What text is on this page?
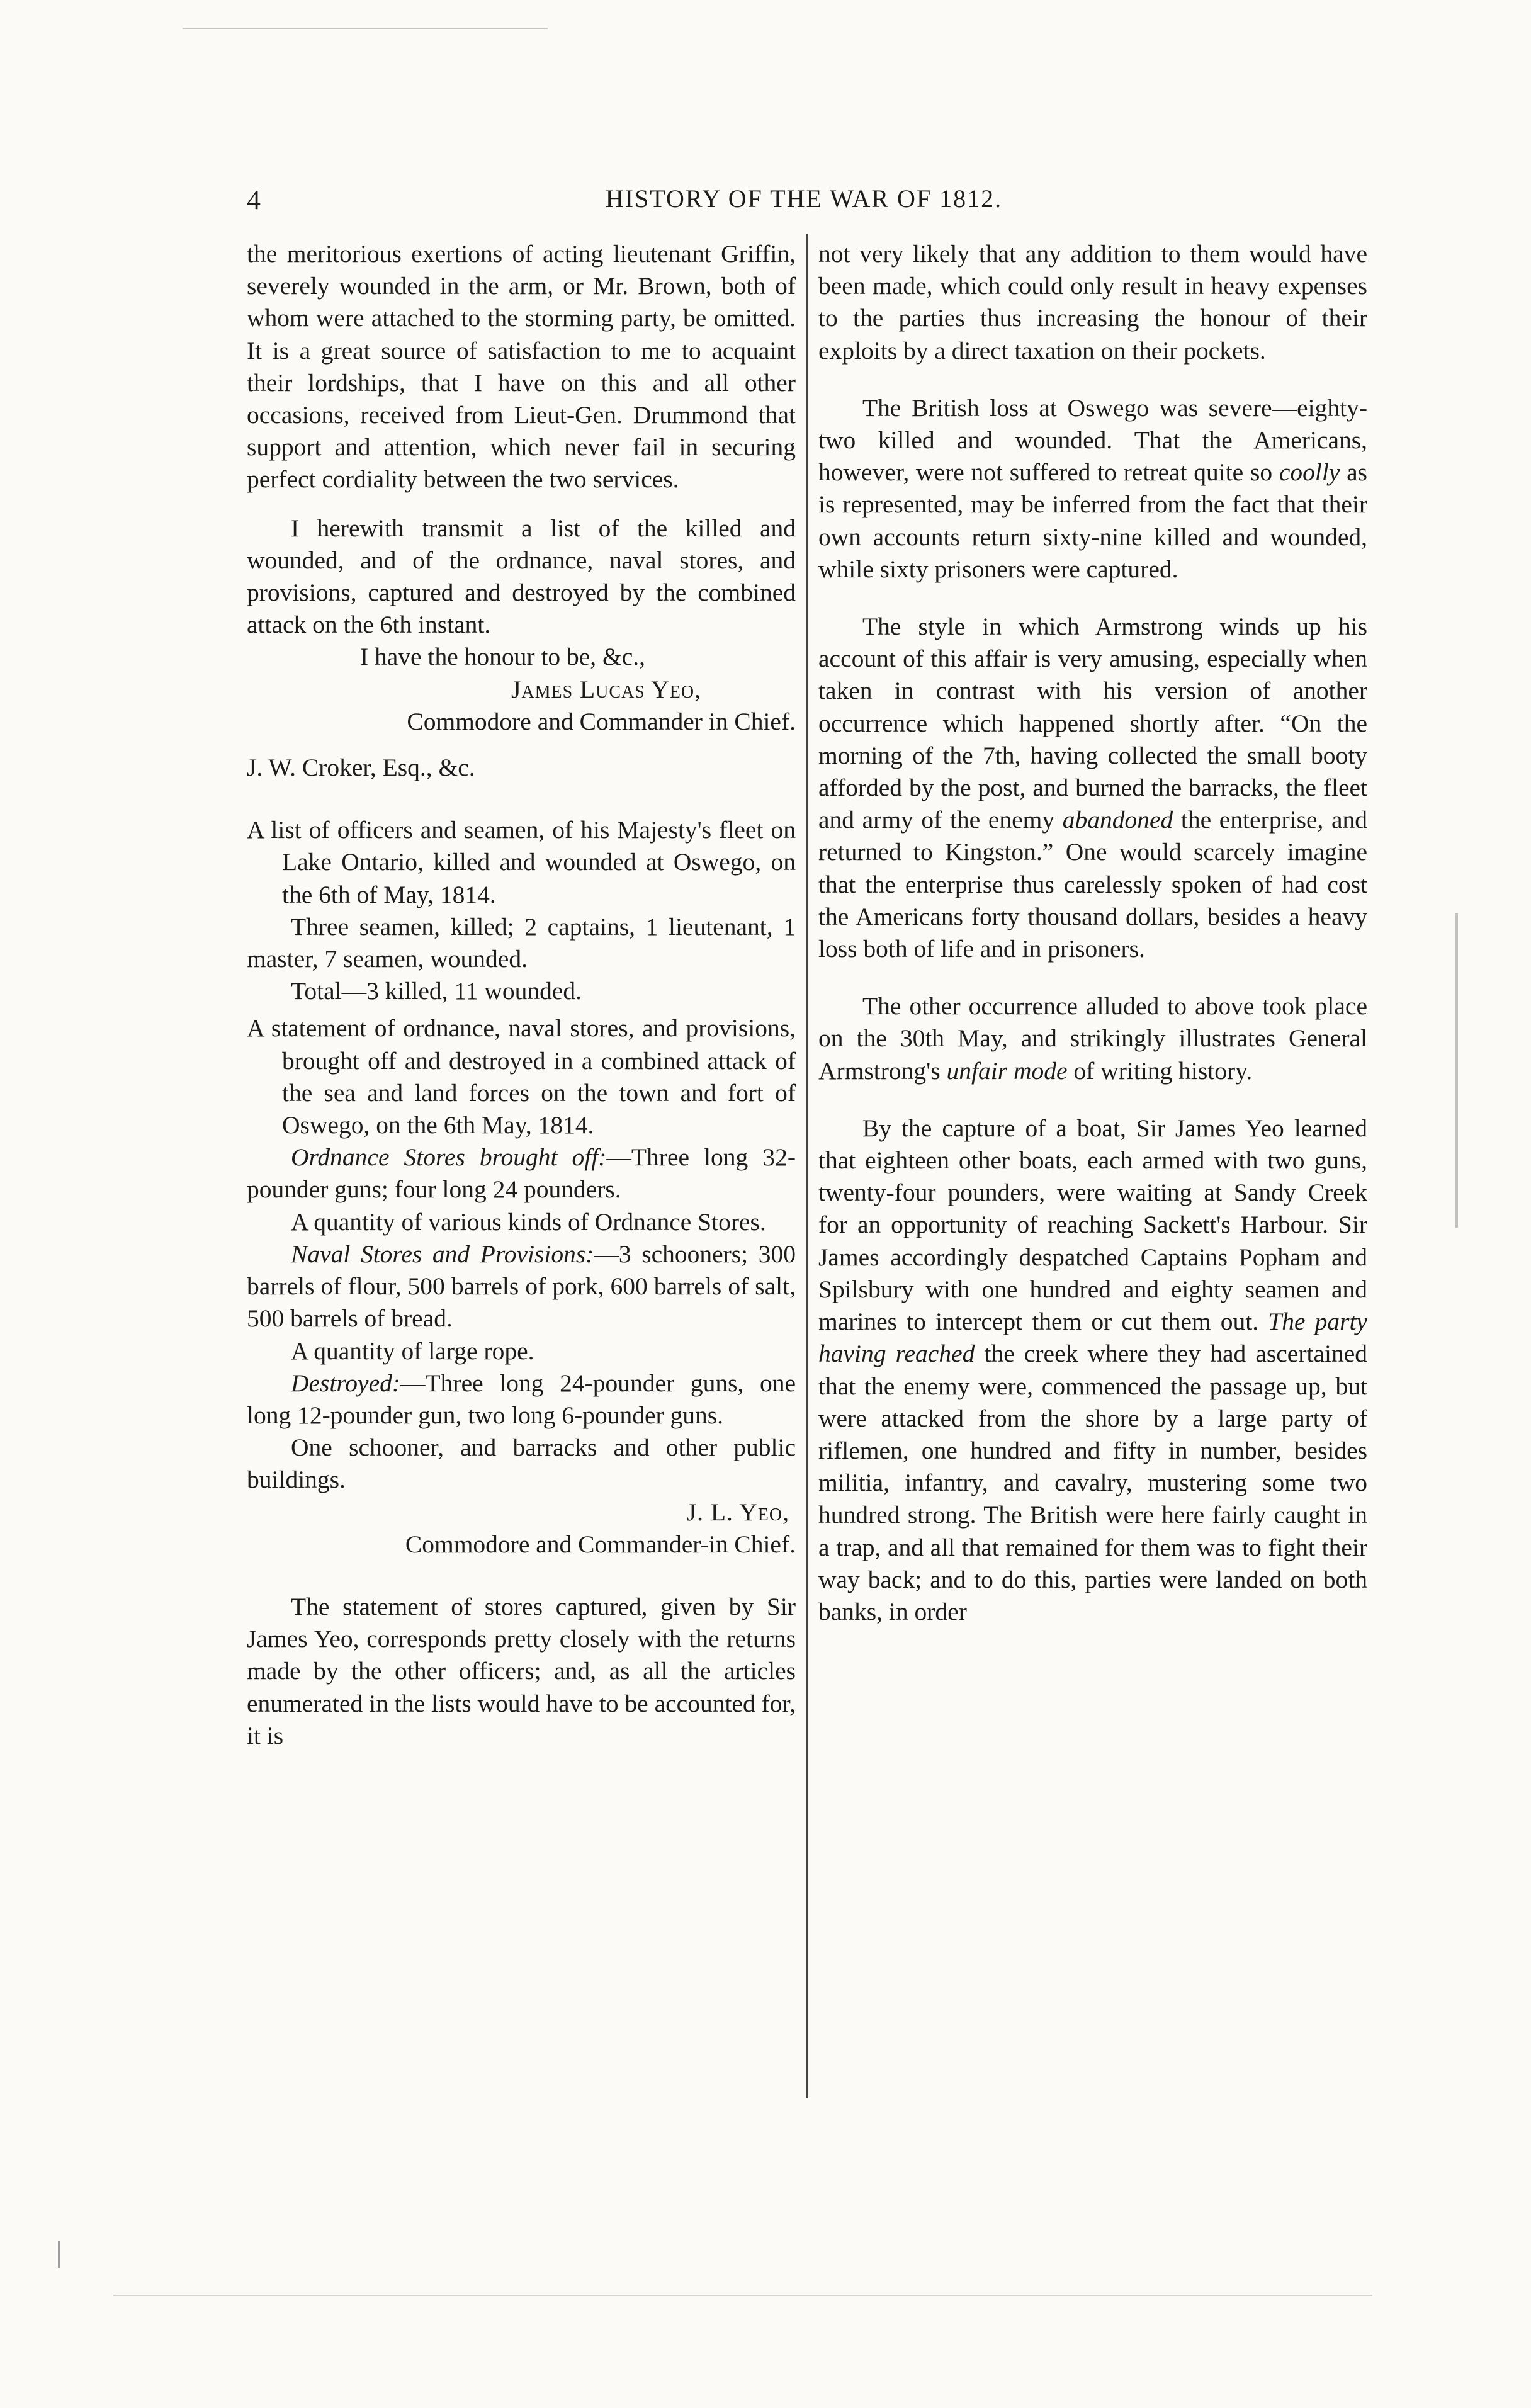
4	HISTORY OF THE WAR OF 1812.

the meritorious exertions of acting lieutenant Griffin, severely wounded in the arm, or Mr. Brown, both of whom were attached to the storming party, be omitted. It is a great source of satisfaction to me to acquaint their lordships, that I have on this and all other occasions, received from Lieut-Gen. Drummond that support and attention, which never fail in securing perfect cordiality between the two services.

I herewith transmit a list of the killed and wounded, and of the ordnance, naval stores, and provisions, captured and destroyed by the combined attack on the 6th instant.

I have the honour to be, &c.,

James Lucas Yeo,

Commodore and Commander in Chief.

J. W. Croker, Esq., &c.

A list of officers and seamen, of his Majesty's fleet on Lake Ontario, killed and wounded at Oswego, on the 6th of May, 1814.

Three seamen, killed; 2 captains, 1 lieutenant, 1 master, 7 seamen, wounded.

Total—3 killed, 11 wounded.

A statement of ordnance, naval stores, and provisions, brought off and destroyed in a combined attack of the sea and land forces on the town and fort of Oswego, on the 6th May, 1814.

Ordnance Stores brought off:—Three long 32-pounder guns; four long 24 pounders.

A quantity of various kinds of Ordnance Stores.

Naval Stores and Provisions:—3 schooners; 300 barrels of flour, 500 barrels of pork, 600 barrels of salt, 500 barrels of bread.

A quantity of large rope.

Destroyed:—Three long 24-pounder guns, one long 12-pounder gun, two long 6-pounder guns.

One schooner, and barracks and other public buildings.

J. L. Yeo,

Commodore and Commander-in Chief.

The statement of stores captured, given by Sir James Yeo, corresponds pretty closely with the returns made by the other officers; and, as all the articles enumerated in the lists would have to be accounted for, it is

not very likely that any addition to them would have been made, which could only result in heavy expenses to the parties thus increasing the honour of their exploits by a direct taxation on their pockets.

The British loss at Oswego was severe—eighty-two killed and wounded. That the Americans, however, were not suffered to retreat quite so coolly as is represented, may be inferred from the fact that their own accounts return sixty-nine killed and wounded, while sixty prisoners were captured.

The style in which Armstrong winds up his account of this affair is very amusing, especially when taken in contrast with his version of another occurrence which happened shortly after. “On the morning of the 7th, having collected the small booty afforded by the post, and burned the barracks, the fleet and army of the enemy abandoned the enterprise, and returned to Kingston.” One would scarcely imagine that the enterprise thus carelessly spoken of had cost the Americans forty thousand dollars, besides a heavy loss both of life and in prisoners.

The other occurrence alluded to above took place on the 30th May, and strikingly illustrates General Armstrong's unfair mode of writing history.

By the capture of a boat, Sir James Yeo learned that eighteen other boats, each armed with two guns, twenty-four pounders, were waiting at Sandy Creek for an opportunity of reaching Sackett's Harbour. Sir James accordingly despatched Captains Popham and Spilsbury with one hundred and eighty seamen and marines to intercept them or cut them out. The party having reached the creek where they had ascertained that the enemy were, commenced the passage up, but were attacked from the shore by a large party of riflemen, one hundred and fifty in number, besides militia, infantry, and cavalry, mustering some two hundred strong. The British were here fairly caught in a trap, and all that remained for them was to fight their way back; and to do this, parties were landed on both banks, in order
